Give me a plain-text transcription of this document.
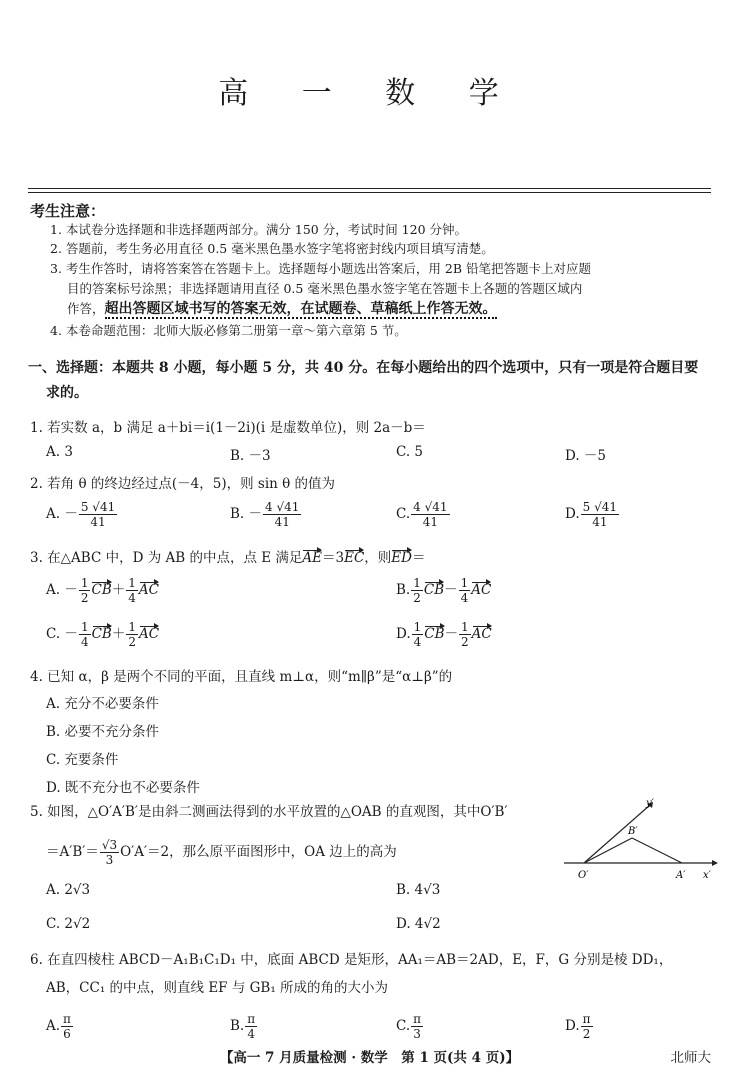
高 一 数 学
考生注意：
1. 本试卷分选择题和非选择题两部分。满分 150 分，考试时间 120 分钟。
2. 答题前，考生务必用直径 0.5 毫米黑色墨水签字笔将密封线内项目填写清楚。
3. 考生作答时，请将答案答在答题卡上。选择题每小题选出答案后，用 2B 铅笔把答题卡上对应题
目的答案标号涂黑；非选择题请用直径 0.5 毫米黑色墨水签字笔在答题卡上各题的答题区域内
作答，超出答题区域书写的答案无效，在试题卷、草稿纸上作答无效。
4. 本卷命题范围：北师大版必修第二册第一章～第六章第 5 节。
一、选择题：本题共 8 小题，每小题 5 分，共 40 分。在每小题给出的四个选项中，只有一项是符合题目要
求的。
1. 若实数 a，b 满足 a＋bi＝i(1－2i)(i 是虚数单位)，则 2a－b＝
A. 3	B. －3	C. 5	D. －5
2. 若角 θ 的终边经过点(－4，5)，则 sin θ 的值为
A. － $\frac{5 √41}{41}$	B. － $\frac{4 √41}{41}$	C. $\frac{4 √41}{41}$	D. $\frac{5 √41}{41}$
3. 在△ABC 中，D 为 AB 的中点，点 E 满足AE＝3EC，则ED＝
A. － $\frac{1}{2} CB+ \frac{1}{4}$ AC	B. $\frac{1}{2} CB- \frac{1}{4}$ AC
C. － $\frac{1}{4} CB+ \frac{1}{2}$ AC	D. $\frac{1}{4} CB- \frac{1}{2}$ AC
4. 已知 α，β 是两个不同的平面，且直线 m⊥α，则“m∥β”是“α⊥β”的
A. 充分不必要条件
B. 必要不充分条件
C. 充要条件
D. 既不充分也不必要条件
5. 如图，△O′A′B′是由斜二测画法得到的水平放置的△OAB 的直观图，其中O′B′
$=A'B'= \frac{√3}{3} O'A'=2$，那么原平面图形中，OA 边上的高为
A. 2√3	B. 4√3
C. 2√2	D. 4√2
O′	A′
B′
x′
y′
6. 在直四棱柱 ABCD－A₁B₁C₁D₁ 中，底面 ABCD 是矩形，AA₁＝AB＝2AD，E，F，G 分别是棱 DD₁，
AB，CC₁ 的中点，则直线 EF 与 GB₁ 所成的角的大小为
A. $\frac{\pi}{6}$	B. $\frac{\pi}{4}$	C. $\frac{\pi}{3}$	D. $\frac{\pi}{2}$
【高一 7 月质量检测 · 数学　第 1 页(共 4 页)】	北师大
